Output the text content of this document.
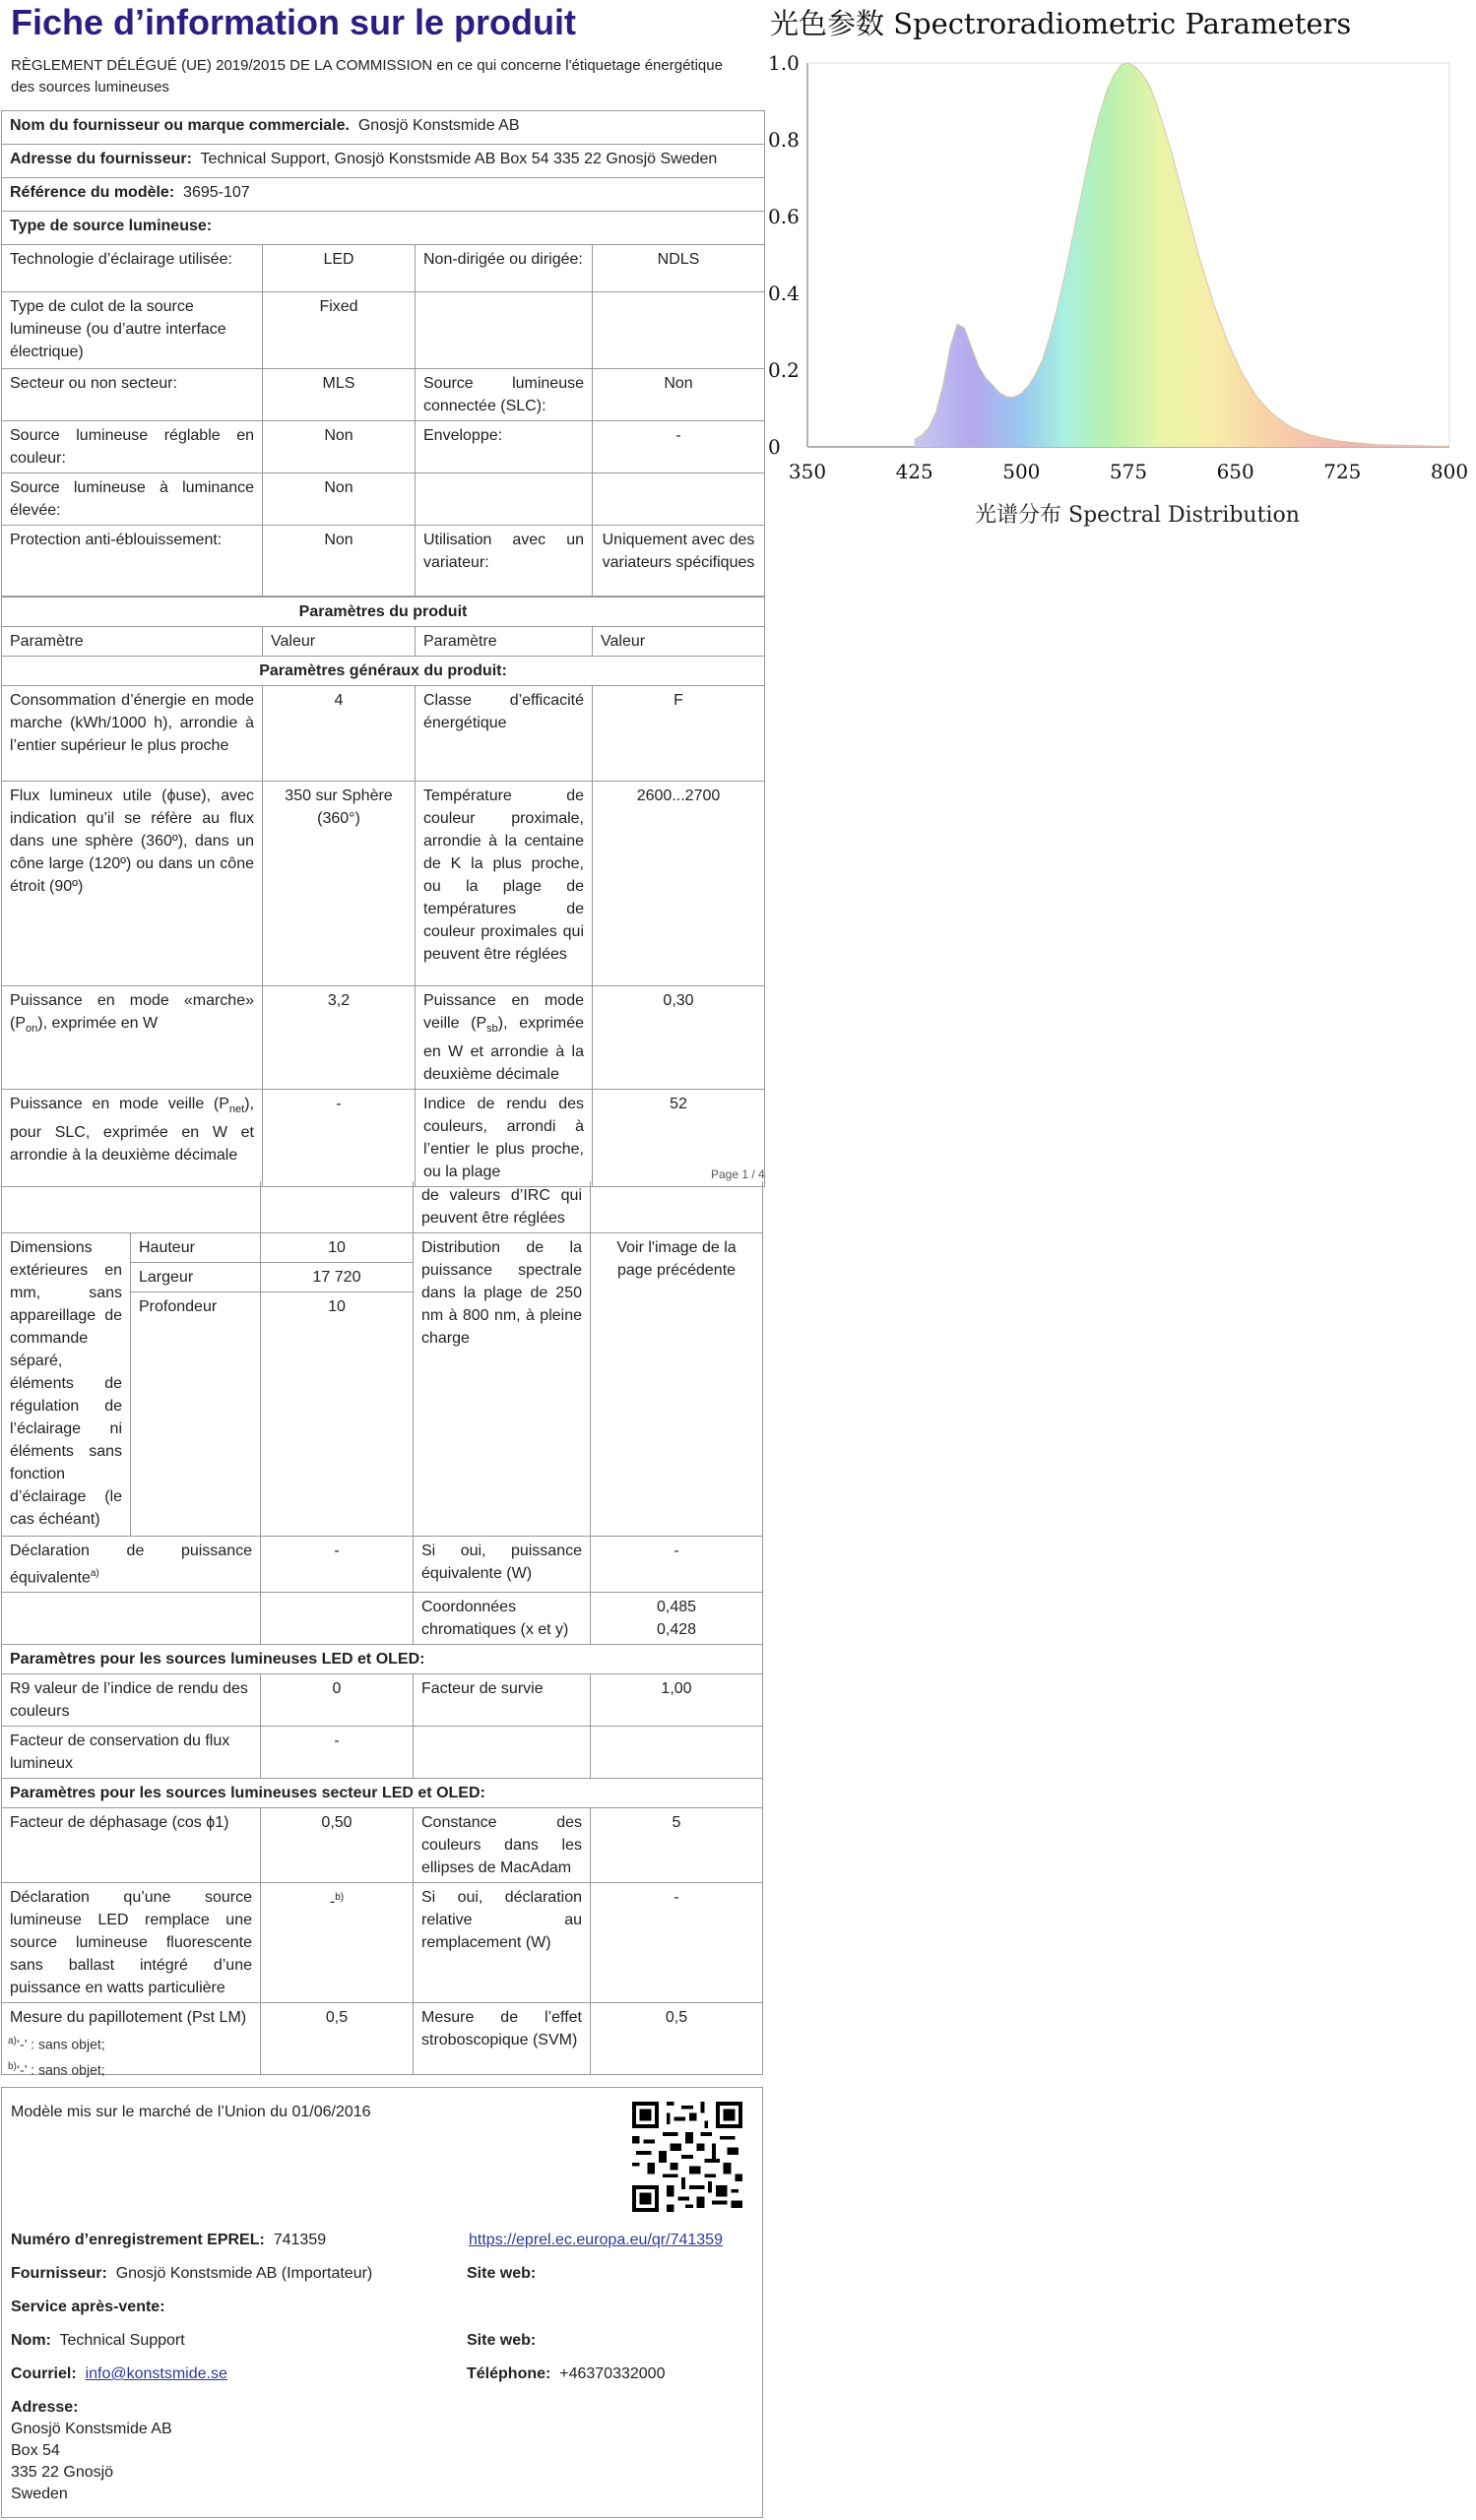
Fiche d’information sur le produit
RÈGLEMENT DÉLÉGUÉ (UE) 2019/2015 DE LA COMMISSION en ce qui concerne l'étiquetage énergétique des sources lumineuses
Nom du fournisseur ou marque commerciale. Gnosjö Konstsmide AB			
Adresse du fournisseur: Technical Support, Gnosjö Konstsmide AB Box 54 335 22 Gnosjö Sweden			
Référence du modèle: 3695-107			
Type de source lumineuse:			
Technologie d’éclairage utilisée:	LED	Non-dirigée ou dirigée:	NDLS
Type de culot de la source lumineuse (ou d’autre interface électrique)	Fixed		
Secteur ou non secteur:	MLS	Source lumineuse connectée (SLC):	Non
Source lumineuse réglable en couleur:	Non	Enveloppe:	-
Source lumineuse à luminance élevée:	Non		
Protection anti-éblouissement:	Non	Utilisation avec un variateur:	Uniquement avec des variateurs spécifiques
Paramètres du produit			
Paramètre	Valeur	Paramètre	Valeur
Paramètres généraux du produit:			
Consommation d’énergie en mode marche (kWh/1000 h), arrondie à l’entier supérieur le plus proche	4	Classe d’efficacité énergétique	F
Flux lumineux utile (ϕuse), avec indication qu’il se réfère au flux dans une sphère (360º), dans un cône large (120º) ou dans un cône étroit (90º)	350 sur Sphère (360°)	Température de couleur proximale, arrondie à la centaine de K la plus proche, ou la plage de températures de couleur proximales qui peuvent être réglées	2600...2700
Puissance en mode «marche» $(P_{on})$, exprimée en W	3,2	Puissance en mode veille $(P_{sb})$, exprimée en W et arrondie à la deuxième décimale	0,30
Puissance en mode veille $(P_{net})$, pour SLC, exprimée en W et arrondie à la deuxième décimale	-	Indice de rendu des couleurs, arrondi à l’entier le plus proche, ou la plage	52
Page 1 / 4
			de valeurs d’IRC qui peuvent être réglées	
Dimensions extérieures en mm, sans appareillage de commande séparé, éléments de régulation de l’éclairage ni éléments sans fonction d’éclairage (le cas échéant)	Hauteur	10	Distribution de la puissance spectrale dans la plage de 250 nm à 800 nm, à pleine charge	Voir l'image de la page précédente
	Largeur	17 720		
	Profondeur	10		
Déclaration de puissance équivalente$^{a)}$		-	Si oui, puissance équivalente (W)	-
			Coordonnées chromatiques (x et y)	0,485
0,428

Paramètres pour les sources lumineuses LED et OLED:				
R9 valeur de l’indice de rendu des couleurs		0	Facteur de survie	1,00
Facteur de conservation du flux lumineux		-		
Paramètres pour les sources lumineuses secteur LED et OLED:				
Facteur de déphasage (cos ϕ1)		0,50	Constance des couleurs dans les ellipses de MacAdam	5
Déclaration qu’une source lumineuse LED remplace une source lumineuse fluorescente sans ballast intégré d’une puissance en watts particulière		-$^{b)}$	Si oui, déclaration relative au remplacement (W)	-
Mesure du papillotement (Pst LM)		0,5	Mesure de l’effet stroboscopique (SVM)	0,5
$^{a)}$‘-’ : sans objet;
$^{b)}$‘-’ : sans objet;
Modèle mis sur le marché de l’Union du 01/06/2016
Numéro d’enregistrement EPREL: 741359	https://eprel.ec.europa.eu/qr/741359
Fournisseur: Gnosjö Konstsmide AB (Importateur)	Site web:
Service après-vente:
Nom: Technical Support	Site web:
Courriel: info@konstsmide.se	Téléphone: +46370332000
Adresse:
Gnosjö Konstsmide AB
Box 54
335 22 Gnosjö
Sweden
光色参数 Spectroradiometric Parameters
0
0.2
0.4
0.6
0.8
1.0
350	425	500	575	650	725	800
光谱分布 Spectral Distribution
